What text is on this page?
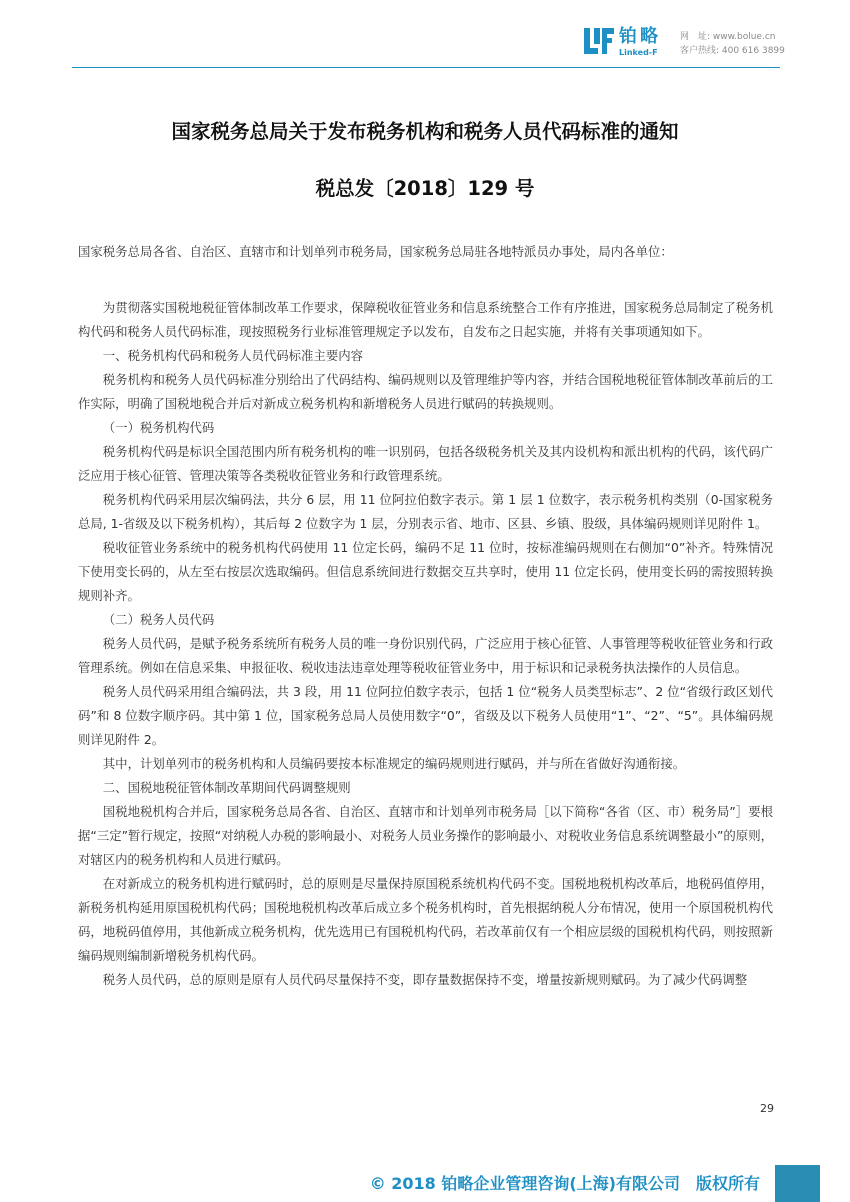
铂略
Linked-F
网　址: www.bolue.cn
客户热线: 400 616 3899
国家税务总局关于发布税务机构和税务人员代码标准的通知
税总发〔2018〕129 号

国家税务总局各省、自治区、直辖市和计划单列市税务局，国家税务总局驻各地特派员办事处，局内各单位：

为贯彻落实国税地税征管体制改革工作要求，保障税收征管业务和信息系统整合工作有序推进，国家税务总局制定了税务机构代码和税务人员代码标准，现按照税务行业标准管理规定予以发布，自发布之日起实施，并将有关事项通知如下。

一、税务机构代码和税务人员代码标准主要内容

税务机构和税务人员代码标准分别给出了代码结构、编码规则以及管理维护等内容，并结合国税地税征管体制改革前后的工作实际，明确了国税地税合并后对新成立税务机构和新增税务人员进行赋码的转换规则。

（一）税务机构代码

税务机构代码是标识全国范围内所有税务机构的唯一识别码，包括各级税务机关及其内设机构和派出机构的代码，该代码广泛应用于核心征管、管理决策等各类税收征管业务和行政管理系统。

税务机构代码采用层次编码法，共分 6 层，用 11 位阿拉伯数字表示。第 1 层 1 位数字，表示税务机构类别（0-国家税务总局, 1-省级及以下税务机构），其后每 2 位数字为 1 层，分别表示省、地市、区县、乡镇、股级，具体编码规则详见附件 1。

税收征管业务系统中的税务机构代码使用 11 位定长码，编码不足 11 位时，按标准编码规则在右侧加“0”补齐。特殊情况下使用变长码的，从左至右按层次选取编码。但信息系统间进行数据交互共享时，使用 11 位定长码，使用变长码的需按照转换规则补齐。

（二）税务人员代码

税务人员代码，是赋予税务系统所有税务人员的唯一身份识别代码，广泛应用于核心征管、人事管理等税收征管业务和行政管理系统。例如在信息采集、申报征收、税收违法违章处理等税收征管业务中，用于标识和记录税务执法操作的人员信息。

税务人员代码采用组合编码法，共 3 段，用 11 位阿拉伯数字表示，包括 1 位“税务人员类型标志”、2 位“省级行政区划代码”和 8 位数字顺序码。其中第 1 位，国家税务总局人员使用数字“0”，省级及以下税务人员使用“1”、“2”、“5”。具体编码规则详见附件 2。

其中，计划单列市的税务机构和人员编码要按本标准规定的编码规则进行赋码，并与所在省做好沟通衔接。

二、国税地税征管体制改革期间代码调整规则

国税地税机构合并后，国家税务总局各省、自治区、直辖市和计划单列市税务局［以下简称“各省（区、市）税务局”］要根据“三定”暂行规定，按照“对纳税人办税的影响最小、对税务人员业务操作的影响最小、对税收业务信息系统调整最小”的原则，对辖区内的税务机构和人员进行赋码。

在对新成立的税务机构进行赋码时，总的原则是尽量保持原国税系统机构代码不变。国税地税机构改革后，地税码值停用，新税务机构延用原国税机构代码；国税地税机构改革后成立多个税务机构时，首先根据纳税人分布情况，使用一个原国税机构代码，地税码值停用，其他新成立税务机构，优先选用已有国税机构代码，若改革前仅有一个相应层级的国税机构代码，则按照新编码规则编制新增税务机构代码。

税务人员代码，总的原则是原有人员代码尽量保持不变，即存量数据保持不变，增量按新规则赋码。为了减少代码调整

29
© 2018 铂略企业管理咨询(上海)有限公司　版权所有
